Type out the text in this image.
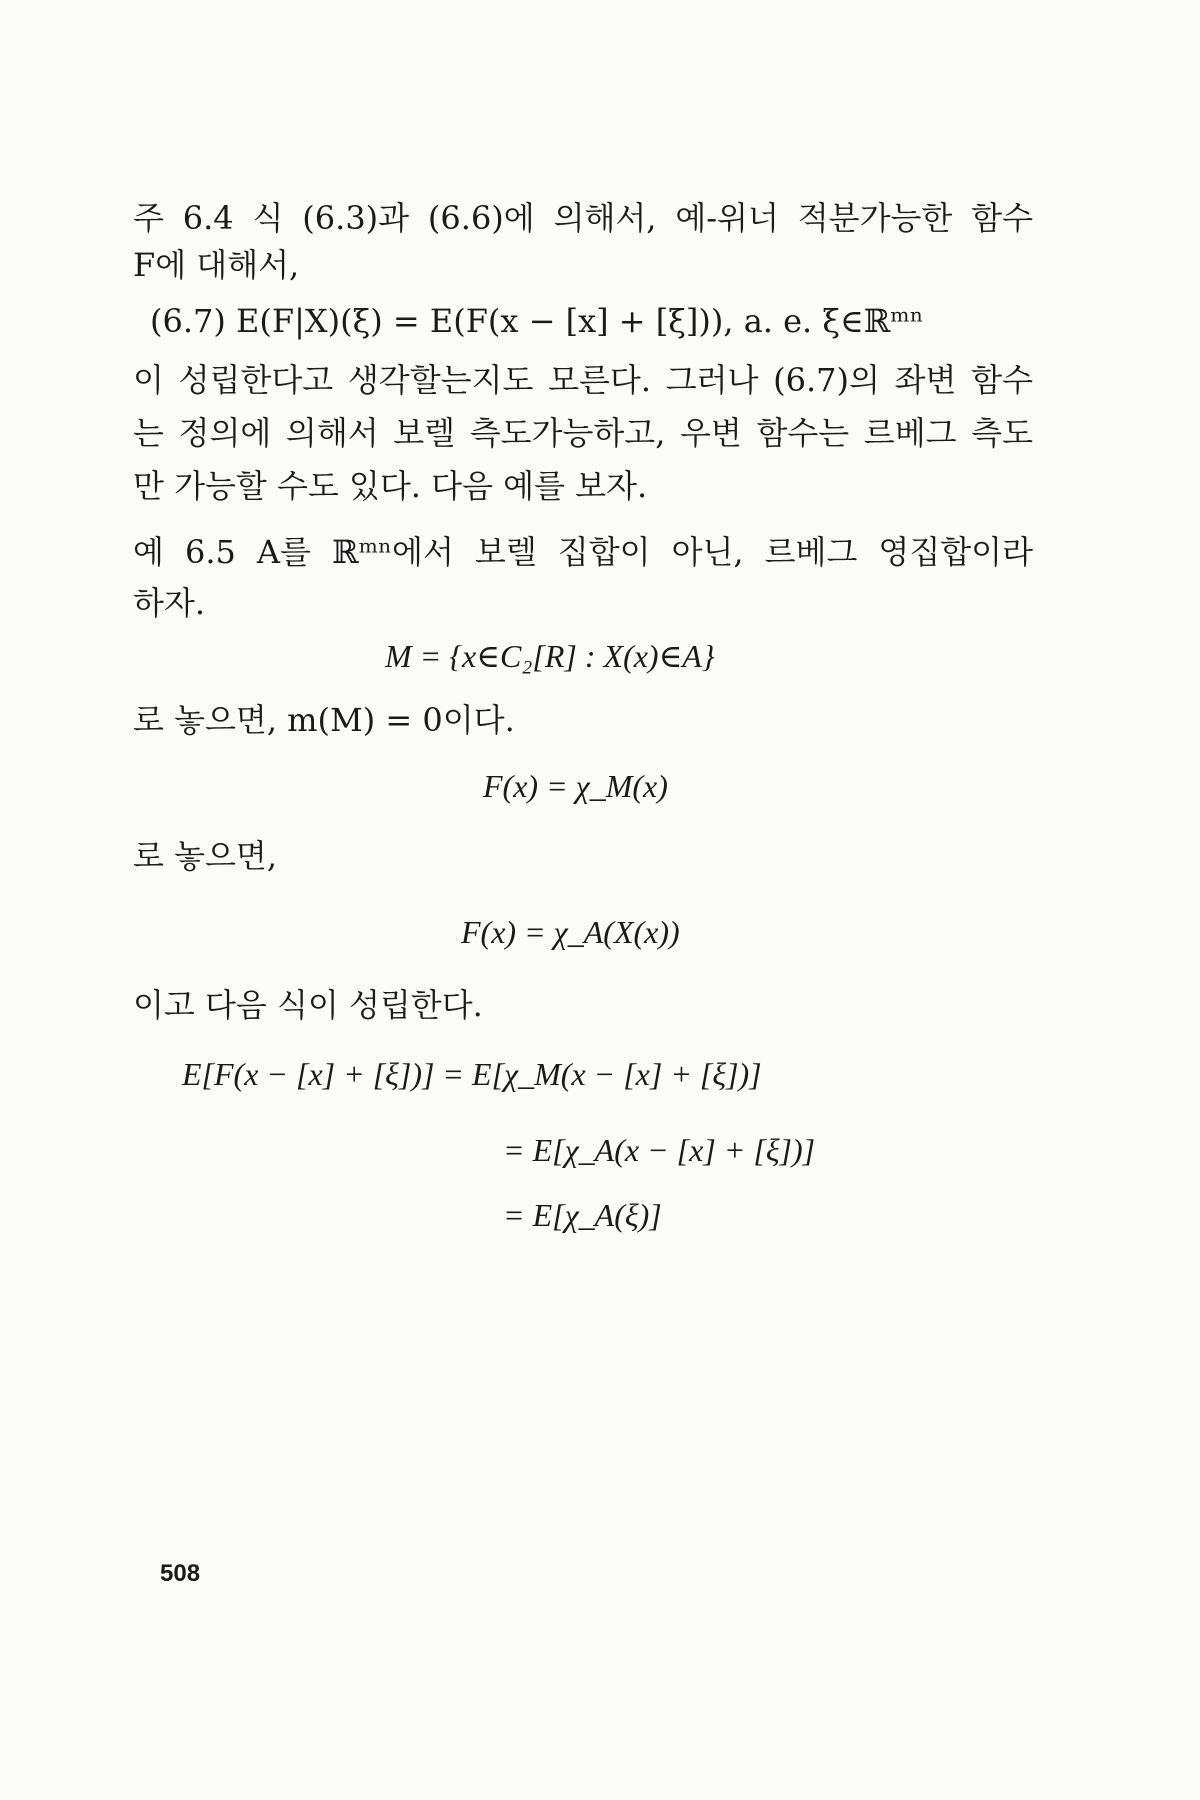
주 6.4 식 (6.3)과 (6.6)에 의해서, 예-위너 적분가능한 함수
F에 대해서,
(6.7) E(F|X)(ξ) = E(F(x − [x] + [ξ])), a. e. ξ∈ℝᵐⁿ
이 성립한다고 생각할는지도 모른다. 그러나 (6.7)의 좌변 함수
는 정의에 의해서 보렐 측도가능하고, 우변 함수는 르베그 측도
만 가능할 수도 있다. 다음 예를 보자.
예 6.5 A를 ℝᵐⁿ에서 보렐 집합이 아닌, 르베그 영집합이라
하자.
M = {x∈C₂[R] : X(x)∈A}
로 놓으면, m(M) = 0이다.
F(x) = χ_M(x)
로 놓으면,
F(x) = χ_A(X(x))
이고 다음 식이 성립한다.
E[F(x − [x] + [ξ])] = E[χ_M(x − [x] + [ξ])]
= E[χ_A(x − [x] + [ξ])]
= E[χ_A(ξ)]
508
